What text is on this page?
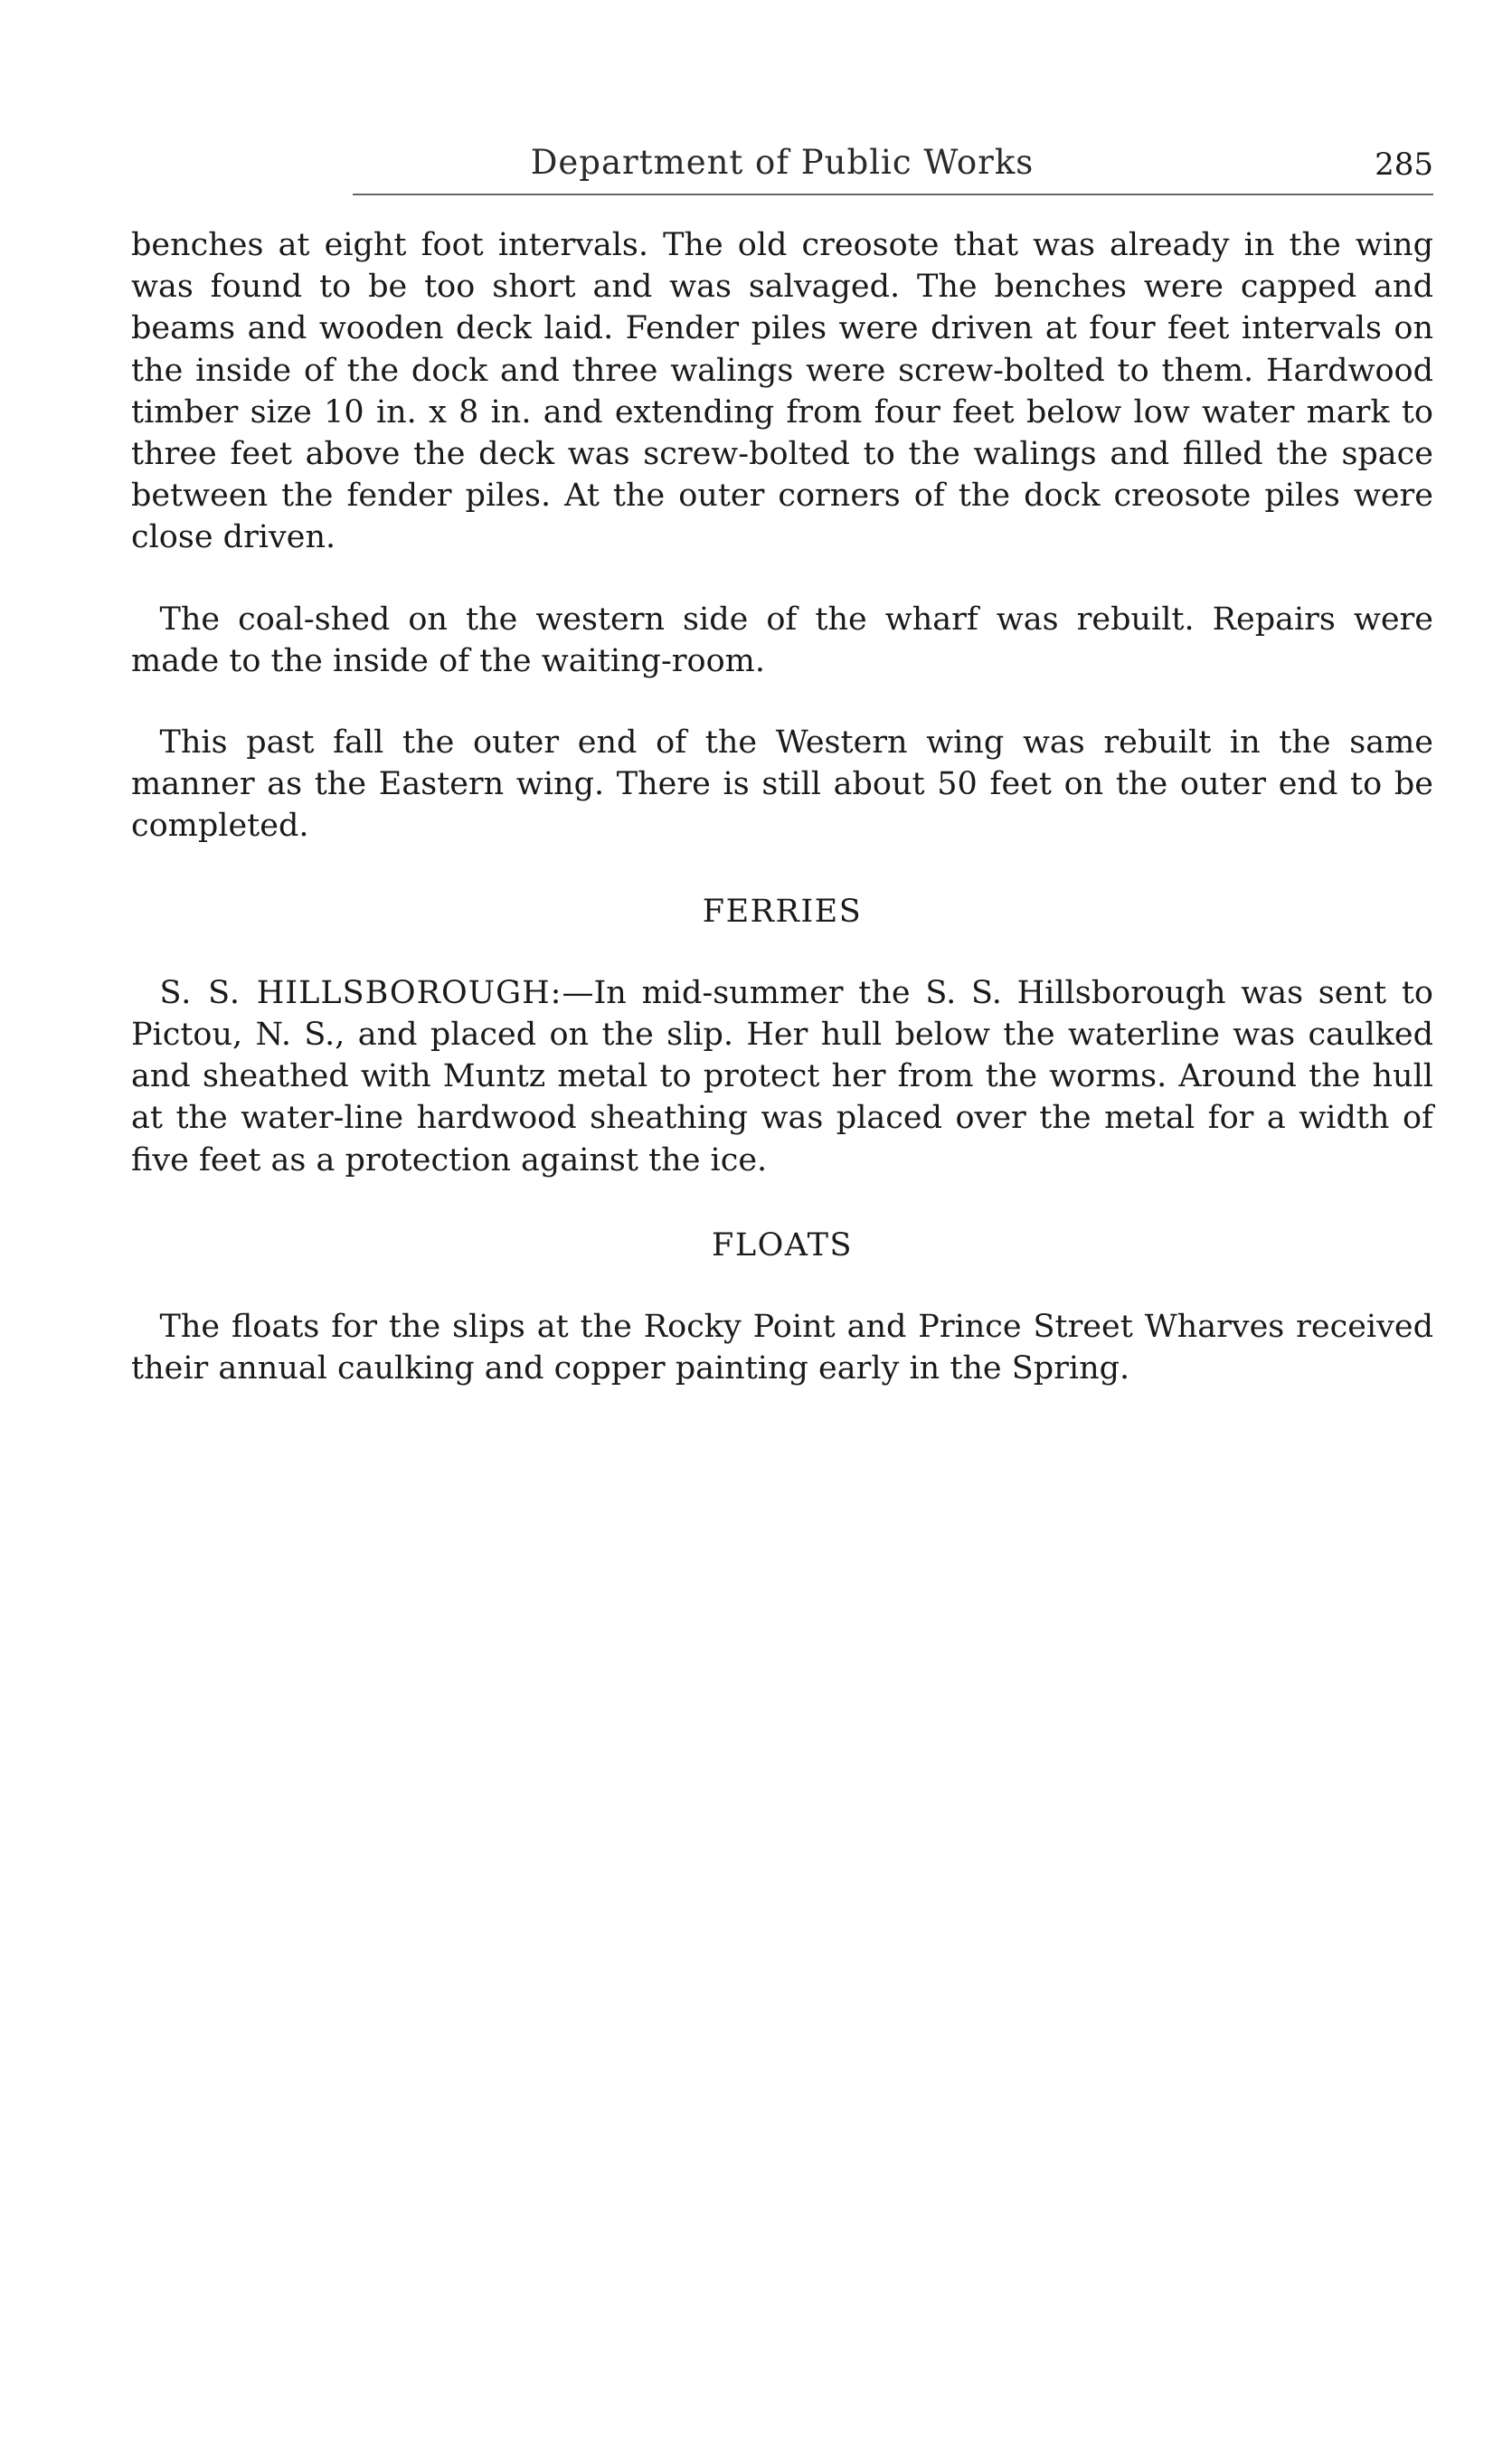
Department of Public Works	285

benches at eight foot intervals. The old creosote that was already in the wing was found to be too short and was salvaged. The benches were capped and beams and wooden deck laid. Fender piles were driven at four feet intervals on the inside of the dock and three walings were screw-bolted to them. Hardwood timber size 10 in. x 8 in. and extending from four feet below low water mark to three feet above the deck was screw-bolted to the walings and filled the space between the fender piles. At the outer corners of the dock creosote piles were close driven.

The coal-shed on the western side of the wharf was rebuilt. Repairs were made to the inside of the waiting-room.

This past fall the outer end of the Western wing was rebuilt in the same manner as the Eastern wing. There is still about 50 feet on the outer end to be completed.

FERRIES

S. S. HILLSBOROUGH:—In mid-summer the S. S. Hillsborough was sent to Pictou, N. S., and placed on the slip. Her hull below the waterline was caulked and sheathed with Muntz metal to protect her from the worms. Around the hull at the water-line hardwood sheathing was placed over the metal for a width of five feet as a protection against the ice.

FLOATS

The floats for the slips at the Rocky Point and Prince Street Wharves received their annual caulking and copper painting early in the Spring.
